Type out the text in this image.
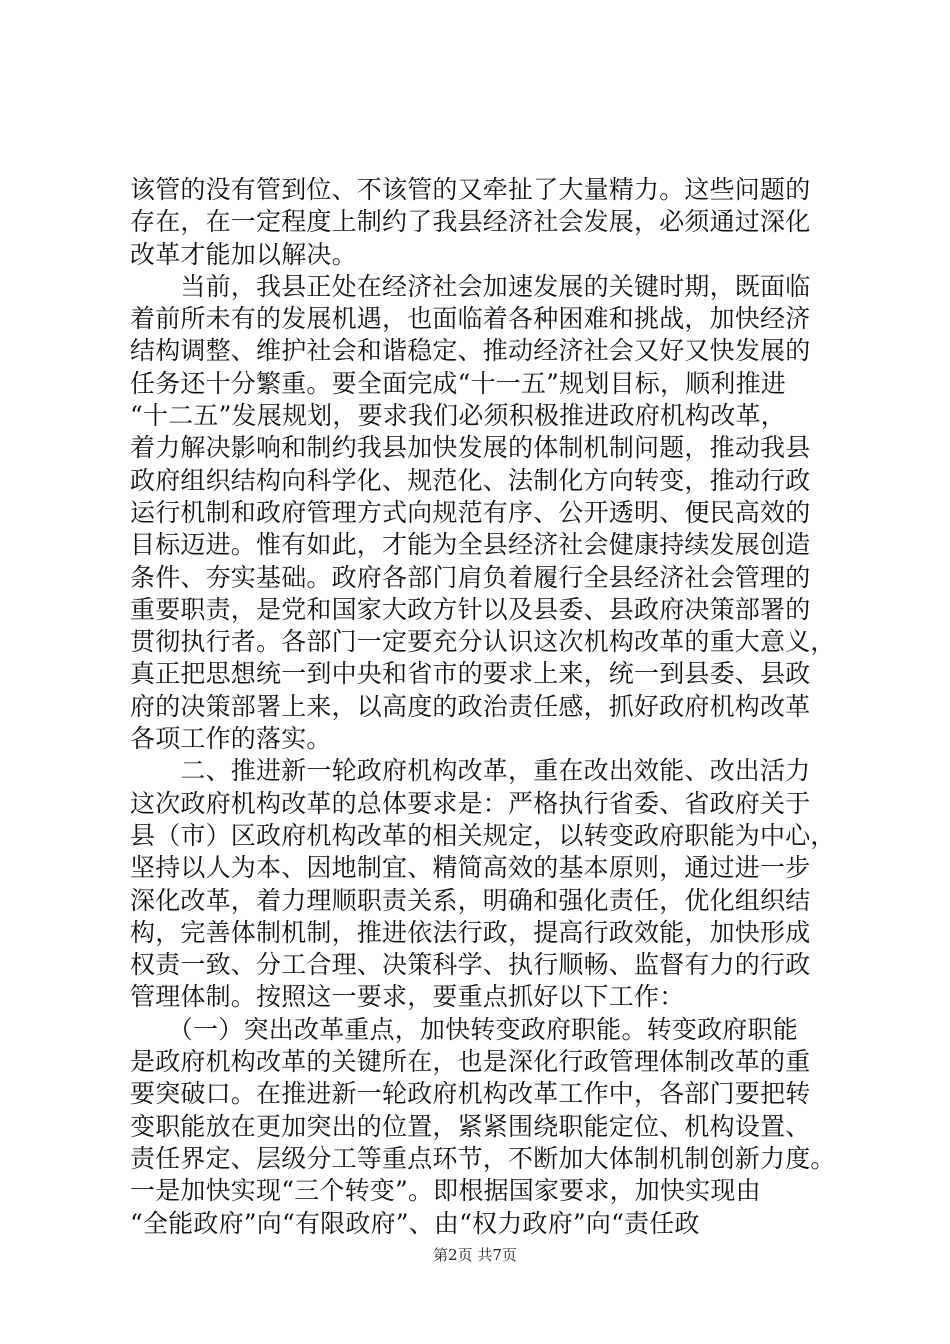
该管的没有管到位、不该管的又牵扯了大量精力。这些问题的
存在，在一定程度上制约了我县经济社会发展，必须通过深化
改革才能加以解决。
　　当前，我县正处在经济社会加速发展的关键时期，既面临
着前所未有的发展机遇，也面临着各种困难和挑战，加快经济
结构调整、维护社会和谐稳定、推动经济社会又好又快发展的
任务还十分繁重。要全面完成“十一五”规划目标，顺利推进
“十二五”发展规划，要求我们必须积极推进政府机构改革，
着力解决影响和制约我县加快发展的体制机制问题，推动我县
政府组织结构向科学化、规范化、法制化方向转变，推动行政
运行机制和政府管理方式向规范有序、公开透明、便民高效的
目标迈进。惟有如此，才能为全县经济社会健康持续发展创造
条件、夯实基础。政府各部门肩负着履行全县经济社会管理的
重要职责，是党和国家大政方针以及县委、县政府决策部署的
贯彻执行者。各部门一定要充分认识这次机构改革的重大意义，
真正把思想统一到中央和省市的要求上来，统一到县委、县政
府的决策部署上来，以高度的政治责任感，抓好政府机构改革
各项工作的落实。
　　二、推进新一轮政府机构改革，重在改出效能、改出活力
这次政府机构改革的总体要求是：严格执行省委、省政府关于
县（市）区政府机构改革的相关规定，以转变政府职能为中心，
坚持以人为本、因地制宜、精简高效的基本原则，通过进一步
深化改革，着力理顺职责关系，明确和强化责任，优化组织结
构，完善体制机制，推进依法行政，提高行政效能，加快形成
权责一致、分工合理、决策科学、执行顺畅、监督有力的行政
管理体制。按照这一要求，要重点抓好以下工作：
　　（一）突出改革重点，加快转变政府职能。转变政府职能
是政府机构改革的关键所在，也是深化行政管理体制改革的重
要突破口。在推进新一轮政府机构改革工作中，各部门要把转
变职能放在更加突出的位置，紧紧围绕职能定位、机构设置、
责任界定、层级分工等重点环节，不断加大体制机制创新力度。
一是加快实现“三个转变”。即根据国家要求，加快实现由
“全能政府”向“有限政府”、由“权力政府”向“责任政
第2页 共7页
